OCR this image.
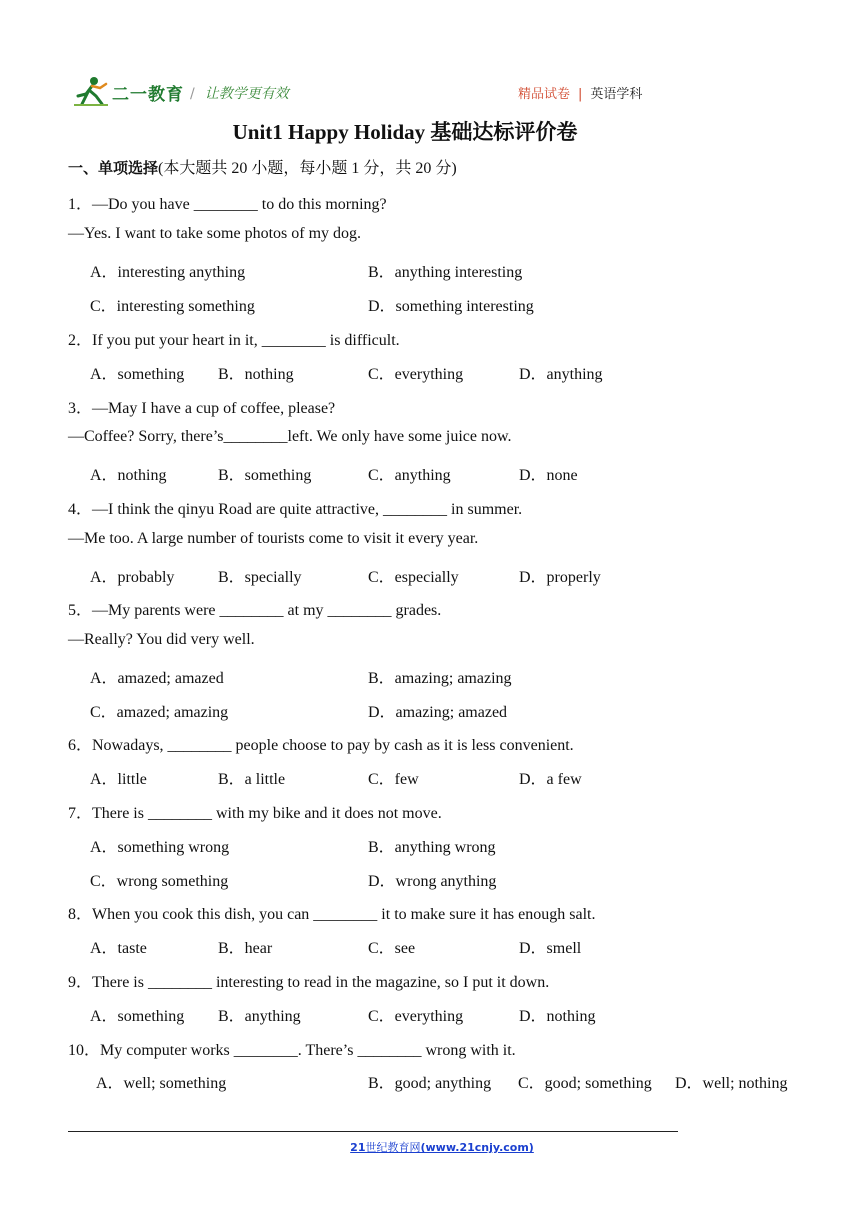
二一教育 / 让教学更有效	精品试卷 | 英语学科
Unit1 Happy Holiday 基础达标评价卷
一、单项选择(本大题共 20 小题，每小题 1 分，共 20 分)
1．—Do you have ________ to do this morning?
—Yes. I want to take some photos of my dog.
A．interesting anything	B．anything interesting
C．interesting something	D．something interesting
2．If you put your heart in it, ________ is difficult.
A．something B．nothing	C．everything	D．anything
3．—May I have a cup of coffee, please?
—Coffee? Sorry, there’s________left. We only have some juice now.
A．nothing	B．something	C．anything	D．none
4．—I think the qinyu Road are quite attractive, ________ in summer.
—Me too. A large number of tourists come to visit it every year.
A．probably	B．specially	C．especially	D．properly
5．—My parents were ________ at my ________ grades.
—Really? You did very well.
A．amazed; amazed	B．amazing; amazing
C．amazed; amazing	D．amazing; amazed
6．Nowadays, ________ people choose to pay by cash as it is less convenient.
A．little	B．a little	C．few	D．a few
7．There is ________ with my bike and it does not move.
A．something wrong	B．anything wrong
C．wrong something	D．wrong anything
8．When you cook this dish, you can ________ it to make sure it has enough salt.
A．taste	B．hear	C．see	D．smell
9．There is ________ interesting to read in the magazine, so I put it down.
A．something B．anything	C．everything	D．nothing
10．My computer works ________. There’s ________ wrong with it.
A．well; something	B．good; anything C．good; something D．well; nothing
21世纪教育网(www.21cnjy.com)
